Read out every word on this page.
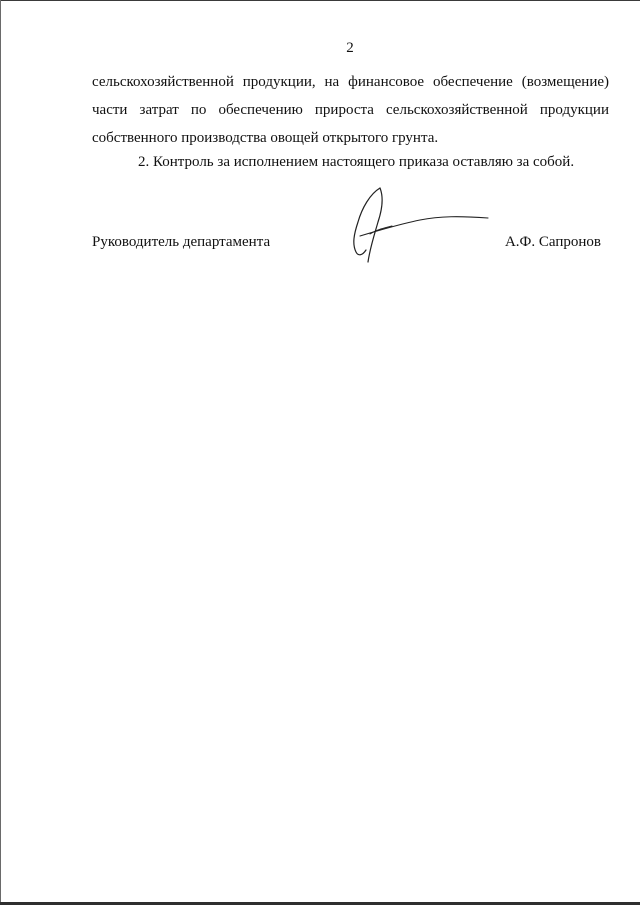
2
сельскохозяйственной продукции, на финансовое обеспечение (возмещение)
части затрат по обеспечению прироста сельскохозяйственной продукции
собственного производства овощей открытого грунта.
2. Контроль за исполнением настоящего приказа оставляю за собой.
Руководитель департамента	А.Ф. Сапронов
